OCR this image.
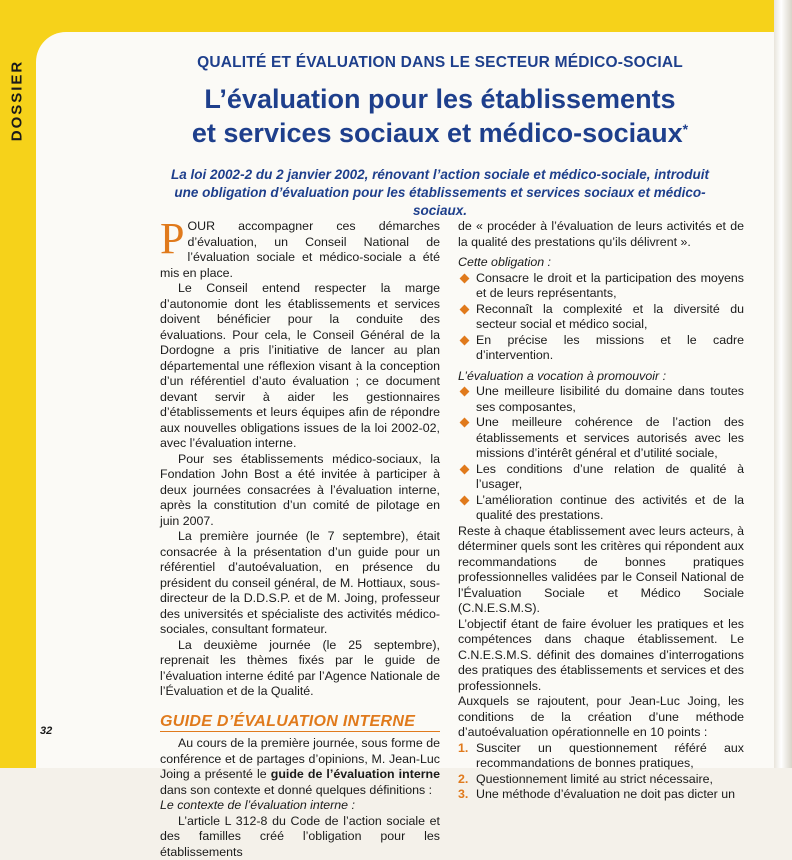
DOSSIER	QUALITÉ ET ÉVALUATION DANS LE SECTEUR MÉDICO-SOCIAL
L’évaluation pour les établissements
et services sociaux et médico-sociaux*
La loi 2002-2 du 2 janvier 2002, rénovant l’action sociale et médico-sociale, introduit
une obligation d’évaluation pour les établissements et services sociaux et médico-sociaux.

POUR accompagner ces démarches d’évaluation, un Conseil National de l’évaluation sociale et médico-sociale a été mis en place.

Le Conseil entend respecter la marge d’autonomie dont les établissements et services doivent bénéficier pour la conduite des évaluations. Pour cela, le Conseil Général de la Dordogne a pris l’initiative de lancer au plan départemental une réflexion visant à la conception d’un référentiel d’auto évaluation ; ce document devant servir à aider les gestionnaires d’établissements et leurs équipes afin de répondre aux nouvelles obligations issues de la loi 2002-02, avec l’évaluation interne.

Pour ses établissements médico-sociaux, la Fondation John Bost a été invitée à participer à deux journées consacrées à l’évaluation interne, après la constitution d’un comité de pilotage en juin 2007.

La première journée (le 7 septembre), était consacrée à la présentation d’un guide pour un référentiel d’autoévaluation, en présence du président du conseil général, de M. Hottiaux, sous-directeur de la D.D.S.P. et de M. Joing, professeur des universités et spécialiste des activités médico-sociales, consultant formateur.

La deuxième journée (le 25 septembre), reprenait les thèmes fixés par le guide de l’évaluation interne édité par l’Agence Nationale de l’Évaluation et de la Qualité.

GUIDE D’ÉVALUATION INTERNE

Au cours de la première journée, sous forme de conférence et de partages d’opinions, M. Jean-Luc Joing a présenté le guide de l’évaluation interne dans son contexte et donné quelques définitions :

Le contexte de l’évaluation interne :

L’article L 312-8 du Code de l’action sociale et des familles créé l’obligation pour les établissements

de « procéder à l’évaluation de leurs activités et de la qualité des prestations qu’ils délivrent ».

Cette obligation :

Consacre le droit et la participation des moyens et de leurs représentants,
Reconnaît la complexité et la diversité du secteur social et médico social,
En précise les missions et le cadre d’intervention.

L’évaluation a vocation à promouvoir :

Une meilleure lisibilité du domaine dans toutes ses composantes,
Une meilleure cohérence de l’action des établissements et services autorisés avec les missions d’intérêt général et d’utilité sociale,
Les conditions d’une relation de qualité à l’usager,
L’amélioration continue des activités et de la qualité des prestations.

Reste à chaque établissement avec leurs acteurs, à déterminer quels sont les critères qui répondent aux recommandations de bonnes pratiques professionnelles validées par le Conseil National de l’Évaluation Sociale et Médico Sociale (C.N.E.S.M.S).

L’objectif étant de faire évoluer les pratiques et les compétences dans chaque établissement. Le C.N.E.S.M.S. définit des domaines d’interrogations des pratiques des établissements et services et des professionnels.

Auxquels se rajoutent, pour Jean-Luc Joing, les conditions de la création d’une méthode d’autoévaluation opérationnelle en 10 points :

1. Susciter un questionnement référé aux recommandations de bonnes pratiques,
2. Questionnement limité au strict nécessaire,
3. Une méthode d’évaluation ne doit pas dicter un
32
